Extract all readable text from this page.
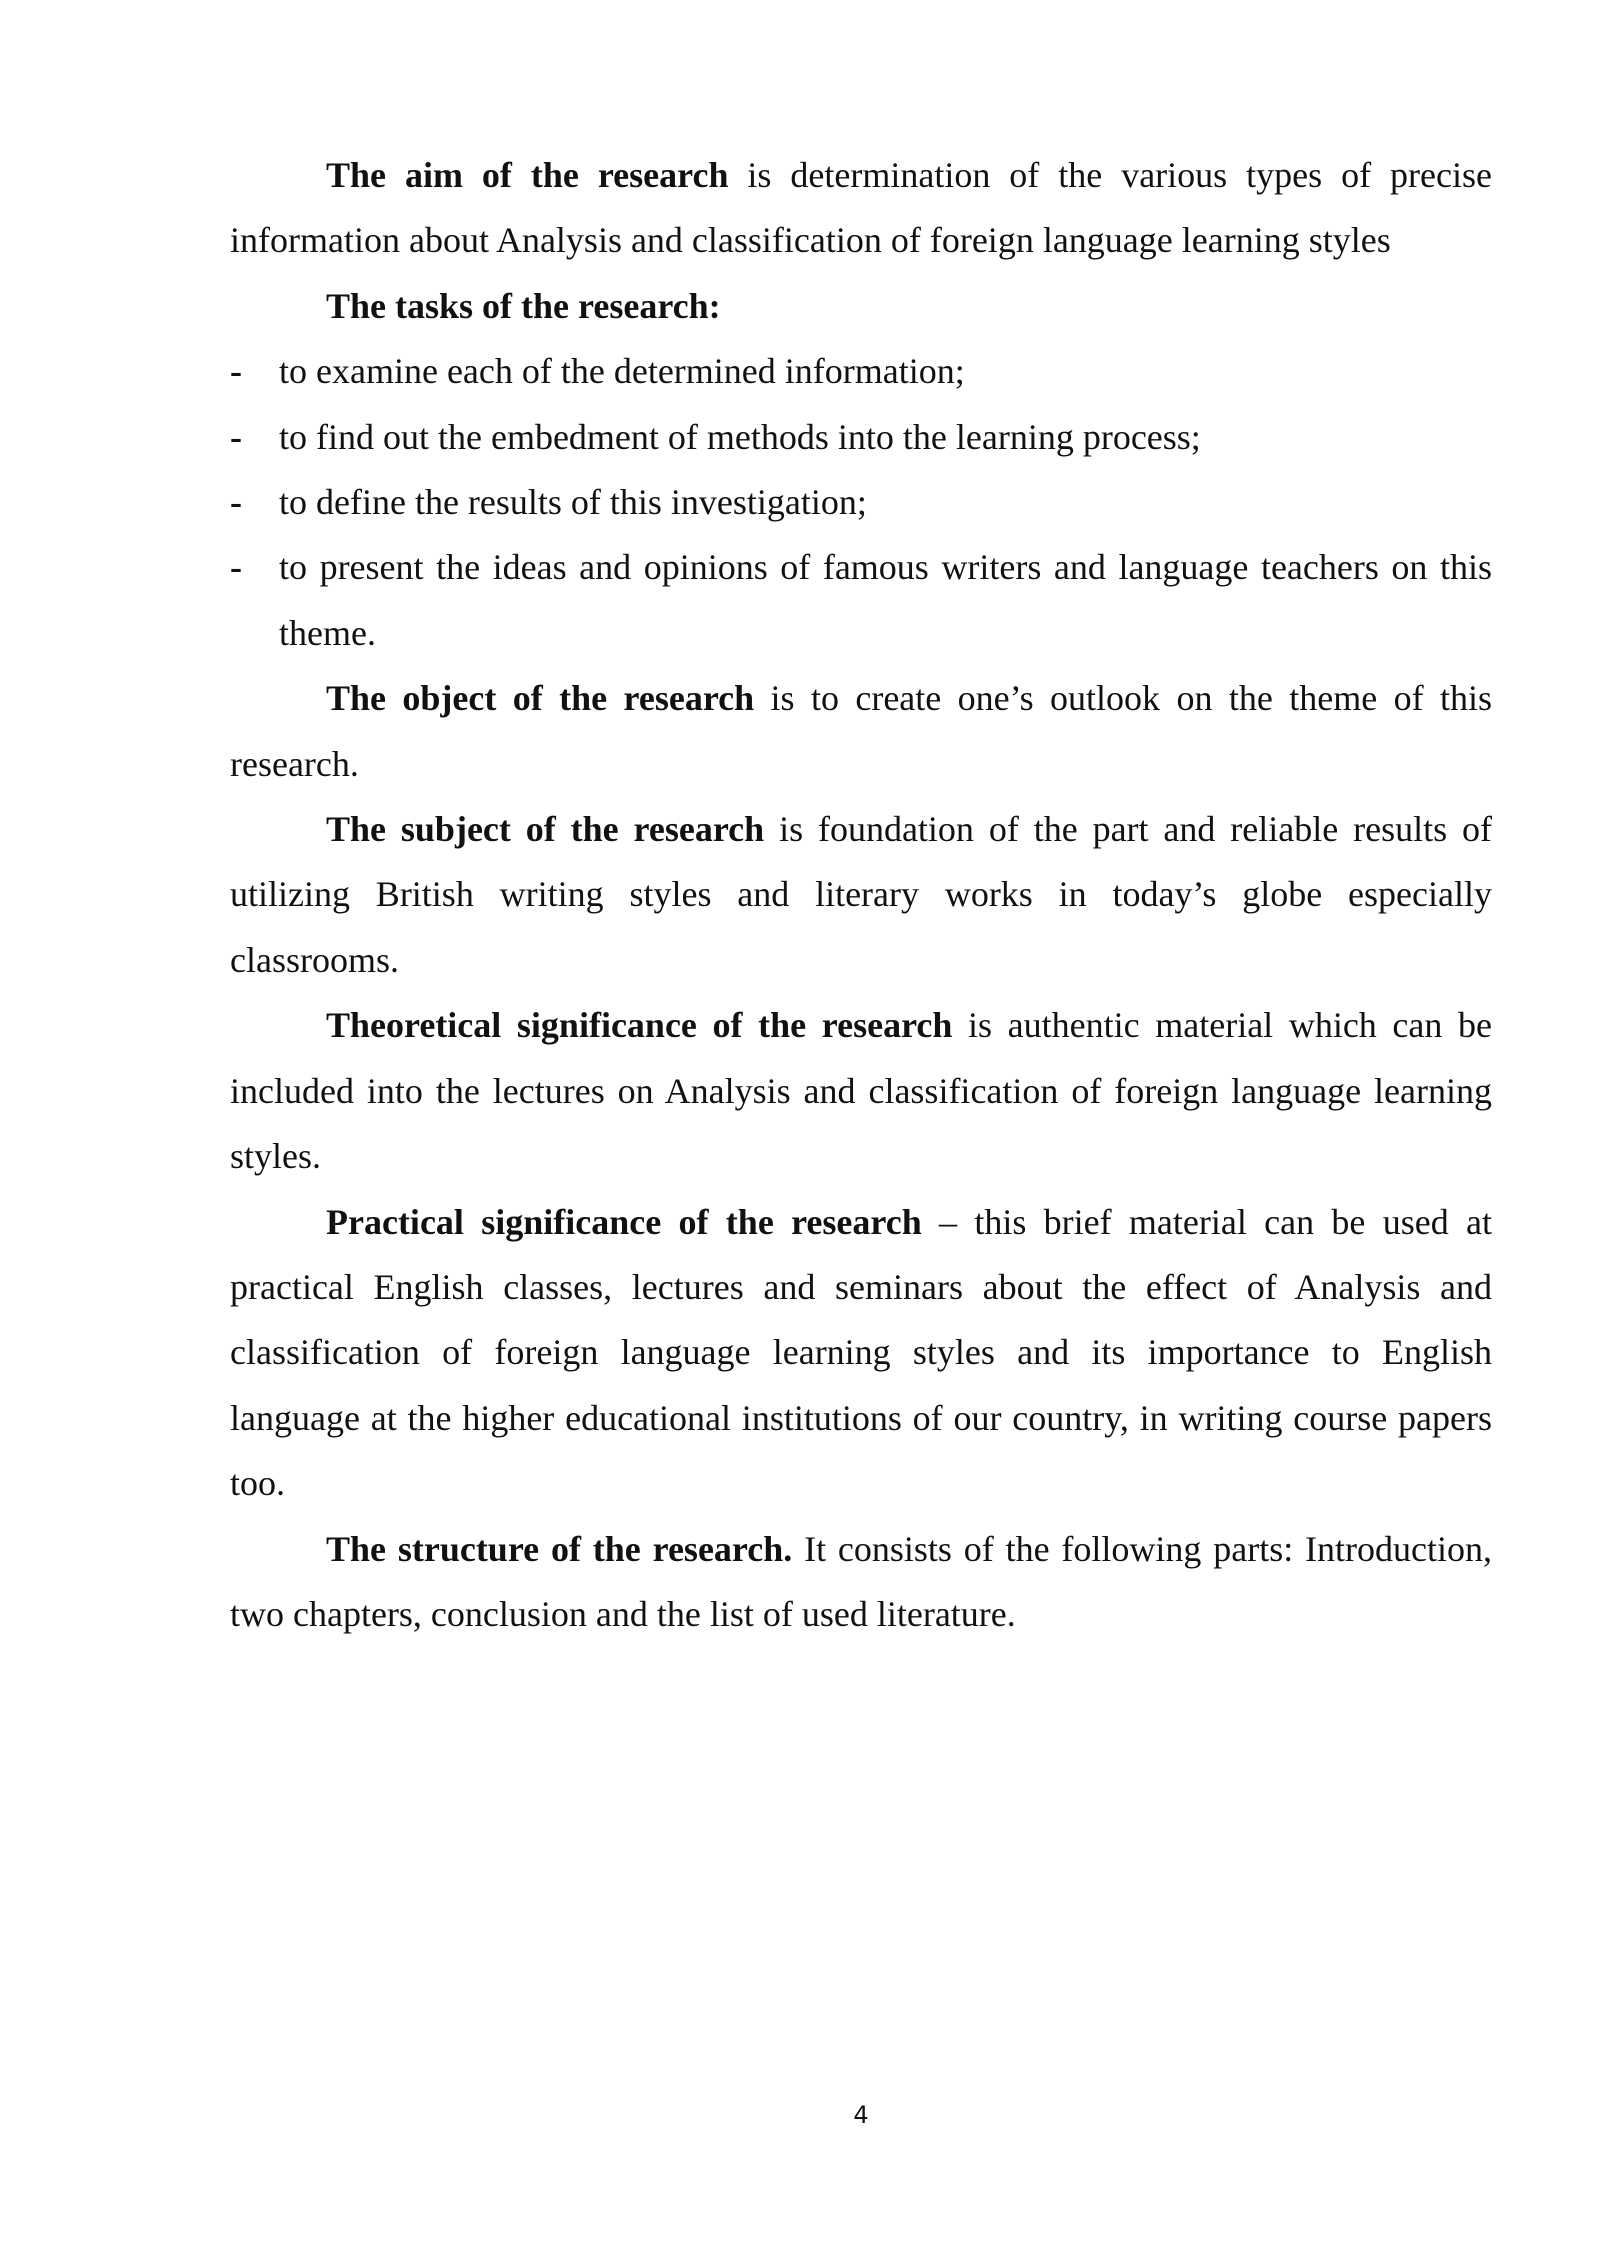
The aim of the research is determination of the various types of precise information about Analysis and classification of foreign language learning styles

The tasks of the research:

- to examine each of the determined information;
- to find out the embedment of methods into the learning process;
- to define the results of this investigation;
- to present the ideas and opinions of famous writers and language teachers on this theme.

The object of the research is to create one’s outlook on the theme of this research.

The subject of the research is foundation of the part and reliable results of utilizing British writing styles and literary works in today’s globe especially classrooms.

Theoretical significance of the research is authentic material which can be included into the lectures on Analysis and classification of foreign language learning styles.

Practical significance of the research – this brief material can be used at practical English classes, lectures and seminars about the effect of Analysis and classification of foreign language learning styles and its importance to English language at the higher educational institutions of our country, in writing course papers too.

The structure of the research. It consists of the following parts: Introduction, two chapters, conclusion and the list of used literature.

4
